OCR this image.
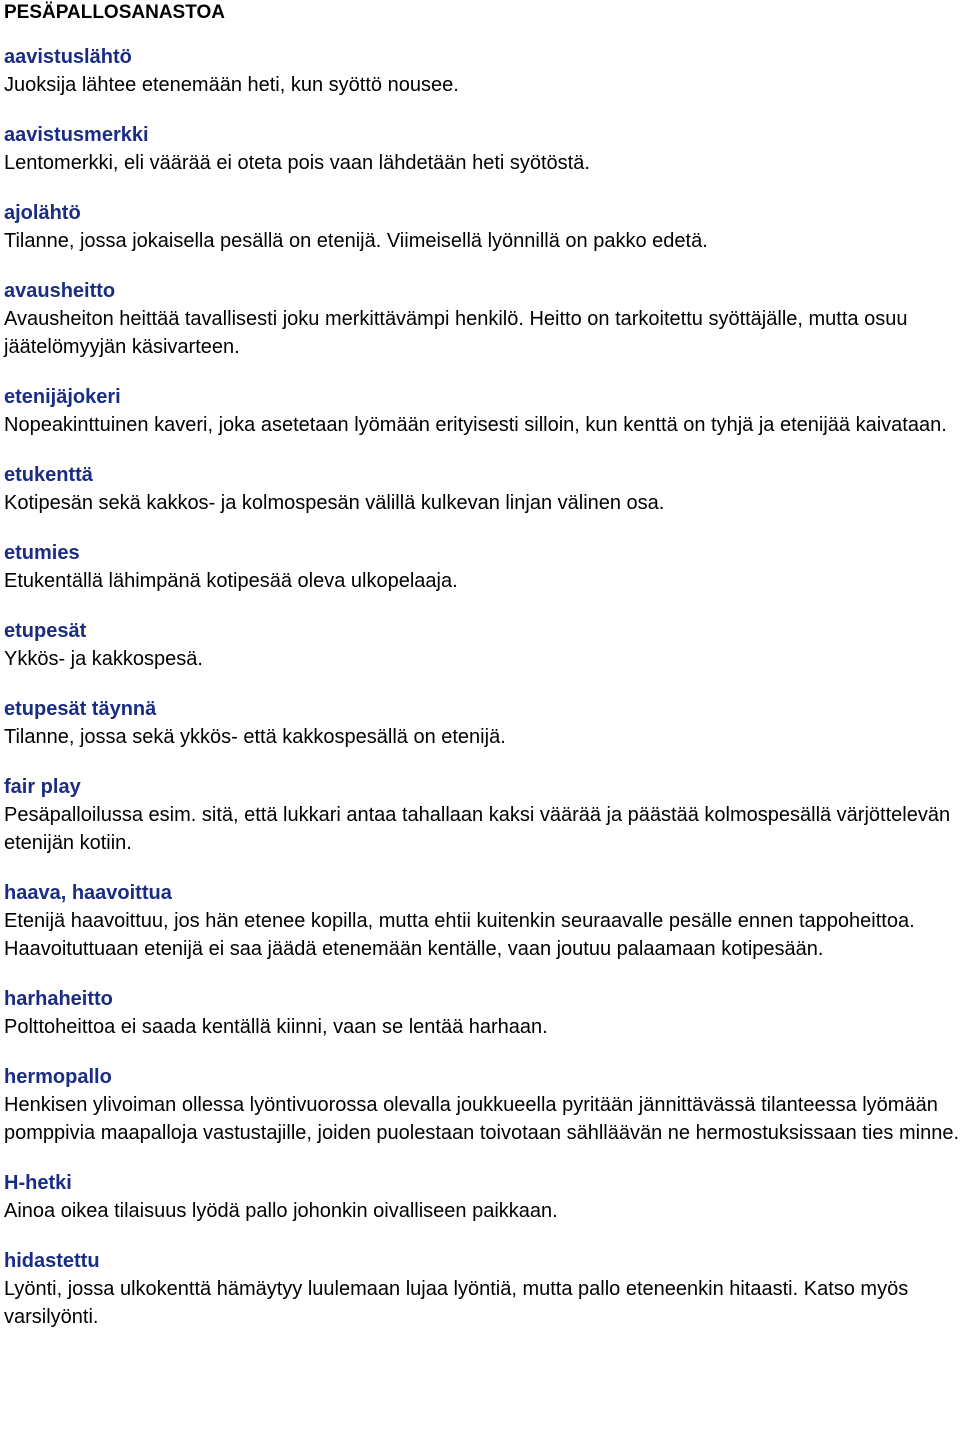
PESÄPALLOSANASTOA

aavistuslähtö

Juoksija lähtee etenemään heti, kun syöttö nousee.

aavistusmerkki

Lentomerkki, eli väärää ei oteta pois vaan lähdetään heti syötöstä.

ajolähtö

Tilanne, jossa jokaisella pesällä on etenijä. Viimeisellä lyönnillä on pakko edetä.

avausheitto

Avausheiton heittää tavallisesti joku merkittävämpi henkilö. Heitto on tarkoitettu syöttäjälle, mutta osuu jäätelömyyjän käsivarteen.

etenijäjokeri

Nopeakinttuinen kaveri, joka asetetaan lyömään erityisesti silloin, kun kenttä on tyhjä ja etenijää kaivataan.

etukenttä

Kotipesän sekä kakkos- ja kolmospesän välillä kulkevan linjan välinen osa.

etumies

Etukentällä lähimpänä kotipesää oleva ulkopelaaja.

etupesät

Ykkös- ja kakkospesä.

etupesät täynnä

Tilanne, jossa sekä ykkös- että kakkospesällä on etenijä.

fair play

Pesäpalloilussa esim. sitä, että lukkari antaa tahallaan kaksi väärää ja päästää kolmospesällä värjöttelevän etenijän kotiin.

haava, haavoittua

Etenijä haavoittuu, jos hän etenee kopilla, mutta ehtii kuitenkin seuraavalle pesälle ennen tappoheittoa. Haavoituttuaan etenijä ei saa jäädä etenemään kentälle, vaan joutuu palaamaan kotipesään.

harhaheitto

Polttoheittoa ei saada kentällä kiinni, vaan se lentää harhaan.

hermopallo

Henkisen ylivoiman ollessa lyöntivuorossa olevalla joukkueella pyritään jännittävässä tilanteessa lyömään pomppivia maapalloja vastustajille, joiden puolestaan toivotaan sählläävän ne hermostuksissaan ties minne.

H-hetki

Ainoa oikea tilaisuus lyödä pallo johonkin oivalliseen paikkaan.

hidastettu

Lyönti, jossa ulkokenttä hämäytyy luulemaan lujaa lyöntiä, mutta pallo eteneenkin hitaasti. Katso myös varsilyönti.
